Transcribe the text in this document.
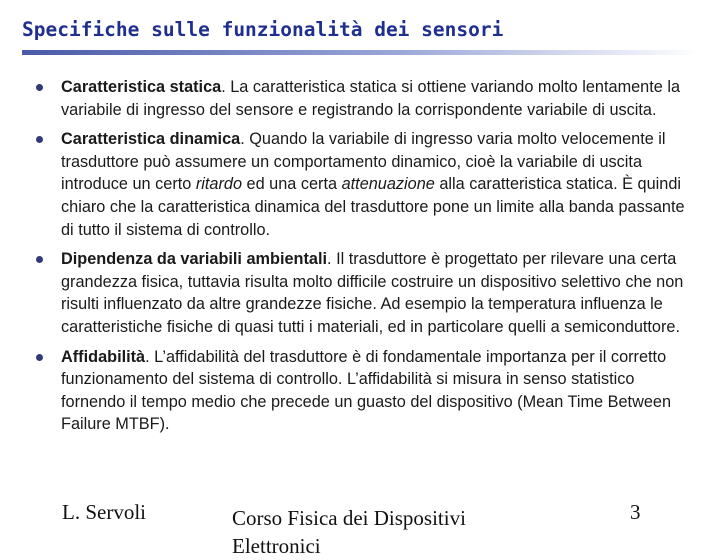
Specifiche sulle funzionalità dei sensori
Caratteristica statica. La caratteristica statica si ottiene variando molto lentamente la variabile di ingresso del sensore e registrando la corrispondente variabile di uscita.
Caratteristica dinamica. Quando la variabile di ingresso varia molto velocemente il trasduttore può assumere un comportamento dinamico, cioè la variabile di uscita introduce un certo ritardo ed una certa attenuazione alla caratteristica statica. È quindi chiaro che la caratteristica dinamica del trasduttore pone un limite alla banda passante di tutto il sistema di controllo.
Dipendenza da variabili ambientali. Il trasduttore è progettato per rilevare una certa grandezza fisica, tuttavia risulta molto difficile costruire un dispositivo selettivo che non risulti influenzato da altre grandezze fisiche. Ad esempio la temperatura influenza le caratteristiche fisiche di quasi tutti i materiali, ed in particolare quelli a semiconduttore.
Affidabilità. L’affidabilità del trasduttore è di fondamentale importanza per il corretto funzionamento del sistema di controllo. L’affidabilità si misura in senso statistico fornendo il tempo medio che precede un guasto del dispositivo (Mean Time Between Failure MTBF).
L. Servoli	Corso Fisica dei Dispositivi Elettronici
3
